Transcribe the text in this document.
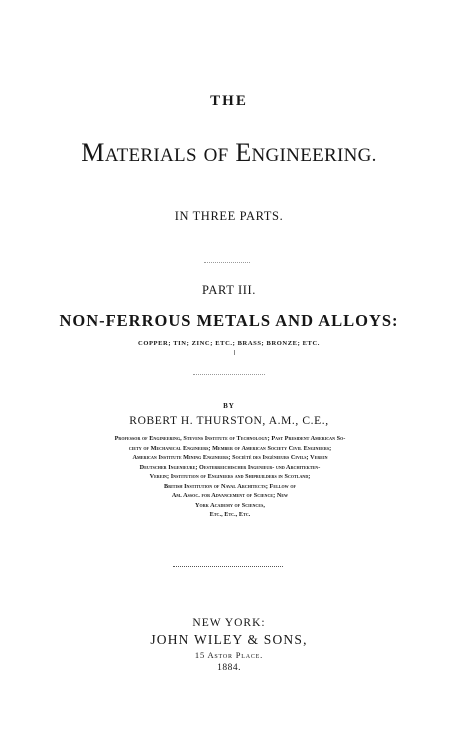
THE
MATERIALS OF ENGINEERING.
IN THREE PARTS.
PART III.
NON-FERROUS METALS AND ALLOYS:
COPPER; TIN; ZINC; ETC.; BRASS; BRONZE; ETC.
BY
ROBERT H. THURSTON, A.M., C.E.,
Professor of Engineering, Stevens Institute of Technology; Past President American So-
ciety of Mechanical Engineers; Member of American Society Civil Engineers;
American Institute Mining Engineers; Société des Ingénieurs Civils; Verein
Deutscher Ingenieure; Oesterreichischer Ingenieur- und Architekten-
Verein; Institution of Engineers and Shipbuilders in Scotland;
British Institution of Naval Architects; Fellow of
Am. Assoc. for Advancement of Science; New
York Academy of Sciences,
Etc., Etc., Etc.
NEW YORK:
JOHN WILEY & SONS,
15 Astor Place.
1884.
